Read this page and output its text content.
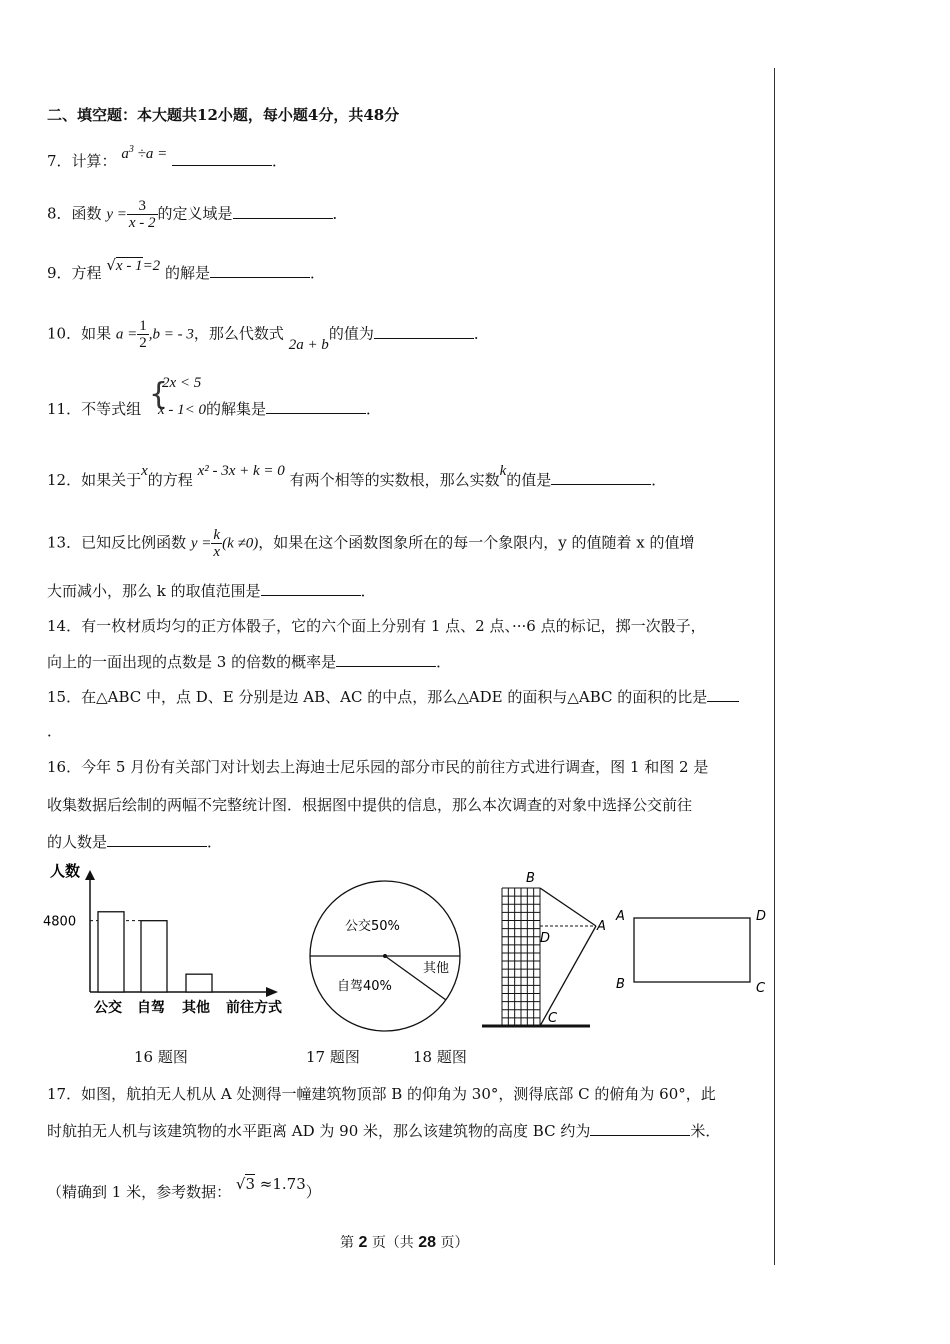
二、填空题：本大题共12小题，每小题4分，共48分
7．计算： $a^3 \div a$ =	．
8．函数 $y = \frac{3}{x - 2}$ 的定义域是	．
9．方程 √x - 1=2 的解是	．
10．如果 $a = \frac{1}{2} ,b$ = - 3，那么代数式 2a + b的值为	．
11．不等式组 {
2x < 5
x - 1< 0的解集是	．
12．如果关于x的方程 x² - 3x + k = 0 有两个相等的实数根，那么实数k的值是	．
13．已知反比例函数 $y = \frac{k}{x} (k \ne 0)$，如果在这个函数图象所在的每一个象限内，y 的值随着 x 的值增
大而减小，那么 k 的取值范围是	．
14．有一枚材质均匀的正方体骰子，它的六个面上分别有 1 点、2 点、···6 点的标记，掷一次骰子，
向上的一面出现的点数是 3 的倍数的概率是	．
15．在△ABC 中，点 D、E 分别是边 AB、AC 的中点，那么△ADE 的面积与△ABC 的面积的比是
．
16．今年 5 月份有关部门对计划去上海迪士尼乐园的部分市民的前往方式进行调查，图 1 和图 2 是
收集数据后绘制的两幅不完整统计图．根据图中提供的信息，那么本次调查的对象中选择公交前往
的人数是	．
人数
4800
公交 自驾 其他 前往方式
公交50%
自驾40%
其他
B
D
A
C
A	D
B	C
16 题图	17 题图	18 题图
17．如图，航拍无人机从 A 处测得一幢建筑物顶部 B 的仰角为 30°，测得底部 C 的俯角为 60°，此
时航拍无人机与该建筑物的水平距离 AD 为 90 米，那么该建筑物的高度 BC 约为	米．
（精确到 1 米，参考数据： √3 ≈1.73）
第 2 页（共 28 页）
